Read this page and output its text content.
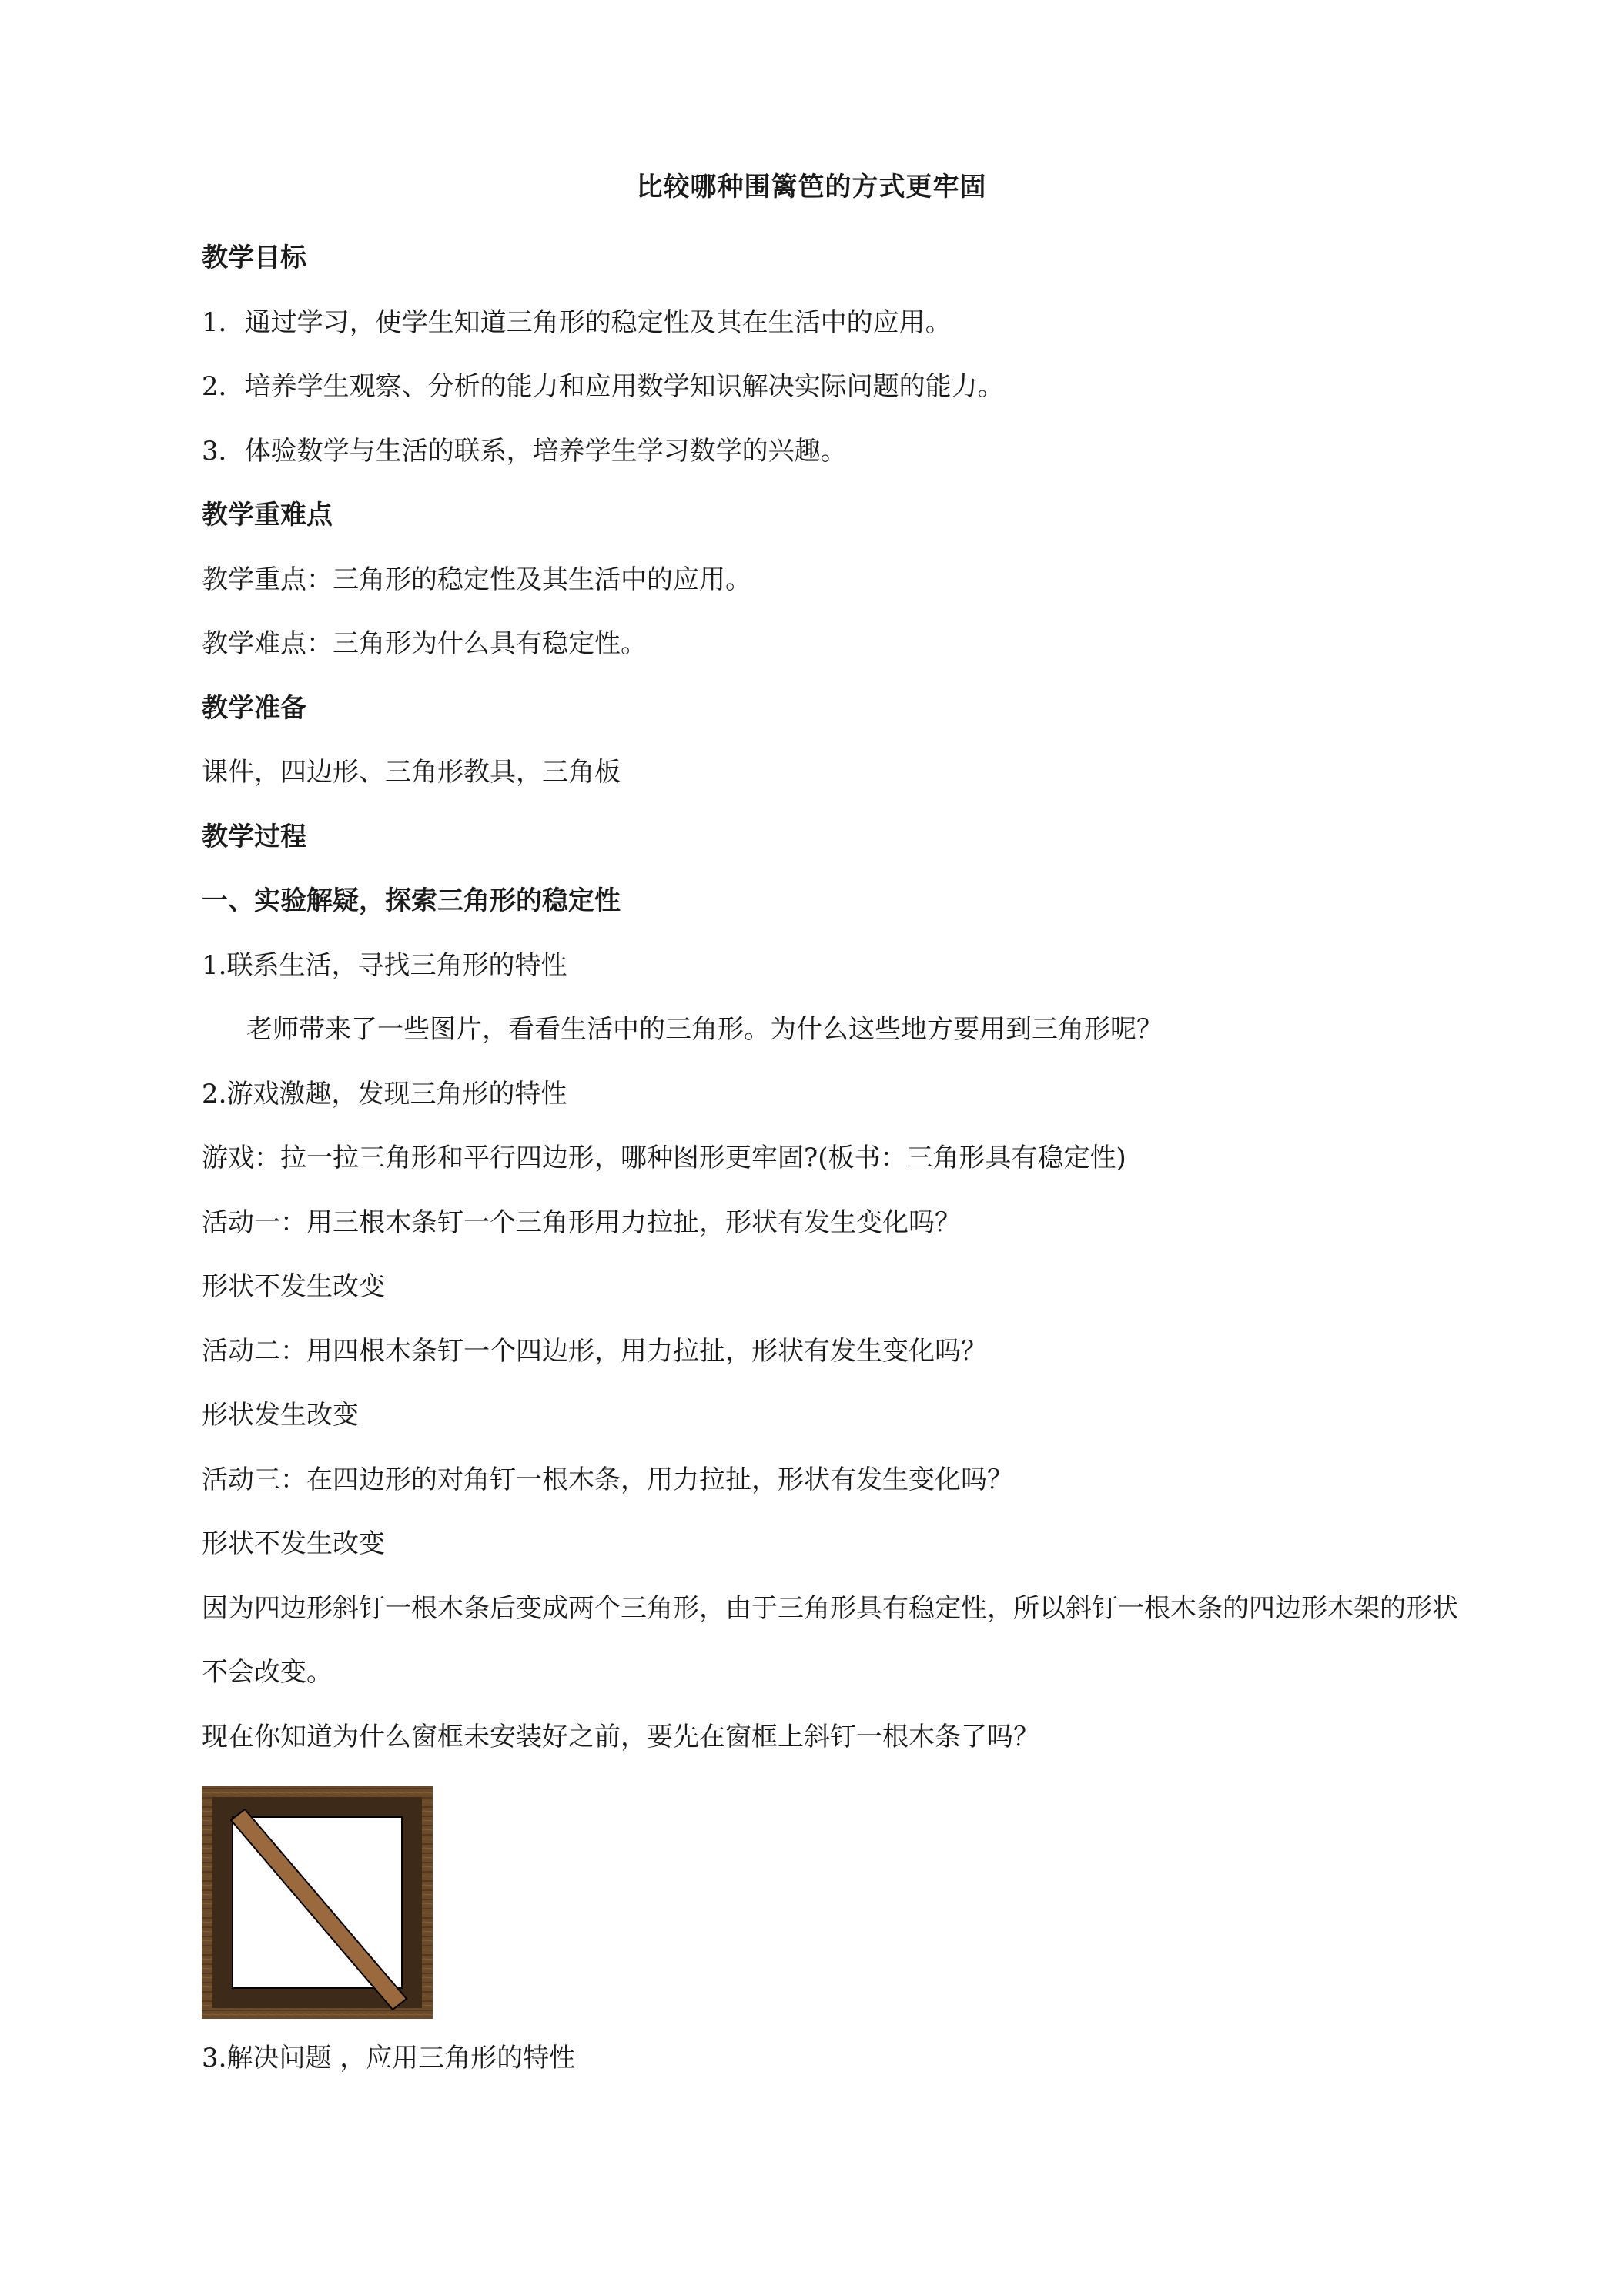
比较哪种围篱笆的方式更牢固

教学目标

1．通过学习，使学生知道三角形的稳定性及其在生活中的应用。

2．培养学生观察、分析的能力和应用数学知识解决实际问题的能力。

3．体验数学与生活的联系，培养学生学习数学的兴趣。

教学重难点

教学重点：三角形的稳定性及其生活中的应用。

教学难点：三角形为什么具有稳定性。

教学准备

课件，四边形、三角形教具，三角板

教学过程

一、实验解疑，探索三角形的稳定性

1.联系生活，寻找三角形的特性

老师带来了一些图片，看看生活中的三角形。为什么这些地方要用到三角形呢？

2.游戏激趣，发现三角形的特性

游戏：拉一拉三角形和平行四边形，哪种图形更牢固?(板书：三角形具有稳定性)

活动一：用三根木条钉一个三角形用力拉扯，形状有发生变化吗？

形状不发生改变

活动二：用四根木条钉一个四边形，用力拉扯，形状有发生变化吗？

形状发生改变

活动三：在四边形的对角钉一根木条，用力拉扯，形状有发生变化吗？

形状不发生改变

因为四边形斜钉一根木条后变成两个三角形，由于三角形具有稳定性，所以斜钉一根木条的四边形木架的形状不会改变。

现在你知道为什么窗框未安装好之前，要先在窗框上斜钉一根木条了吗？

3.解决问题 ，应用三角形的特性
